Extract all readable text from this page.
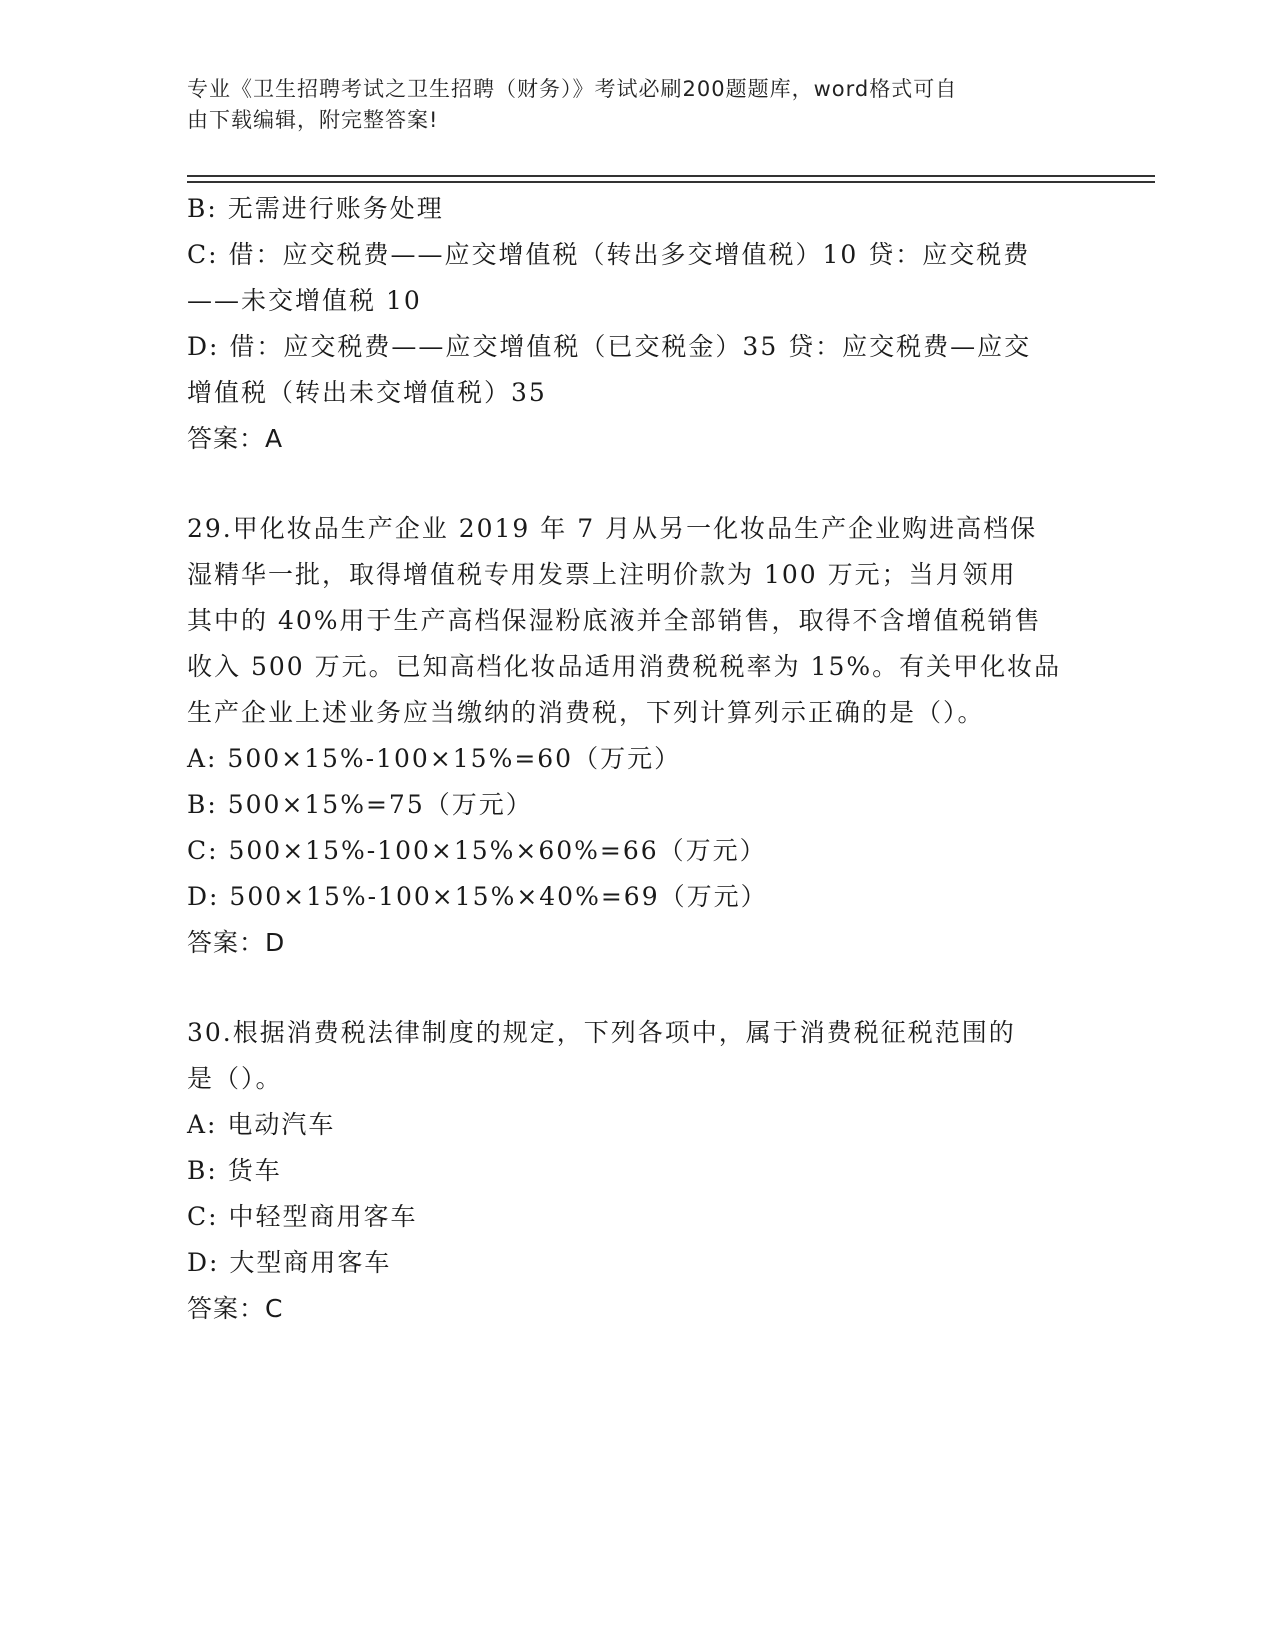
专业《卫生招聘考试之卫生招聘（财务）》考试必刷200题题库，word格式可自
由下载编辑，附完整答案!
B: 无需进行账务处理
C: 借：应交税费——应交增值税（转出多交增值税）10 贷：应交税费
——未交增值税 10
D: 借：应交税费——应交增值税（已交税金）35 贷：应交税费—应交
增值税（转出未交增值税）35
答案：A
29.甲化妆品生产企业 2019 年 7 月从另一化妆品生产企业购进高档保
湿精华一批，取得增值税专用发票上注明价款为 100 万元；当月领用
其中的 40%用于生产高档保湿粉底液并全部销售，取得不含增值税销售
收入 500 万元。已知高档化妆品适用消费税税率为 15%。有关甲化妆品
生产企业上述业务应当缴纳的消费税，下列计算列示正确的是（）。
A: 500×15%-100×15%=60（万元）
B: 500×15%=75（万元）
C: 500×15%-100×15%×60%=66（万元）
D: 500×15%-100×15%×40%=69（万元）
答案：D
30.根据消费税法律制度的规定，下列各项中，属于消费税征税范围的
是（）。
A: 电动汽车
B: 货车
C: 中轻型商用客车
D: 大型商用客车
答案：C
